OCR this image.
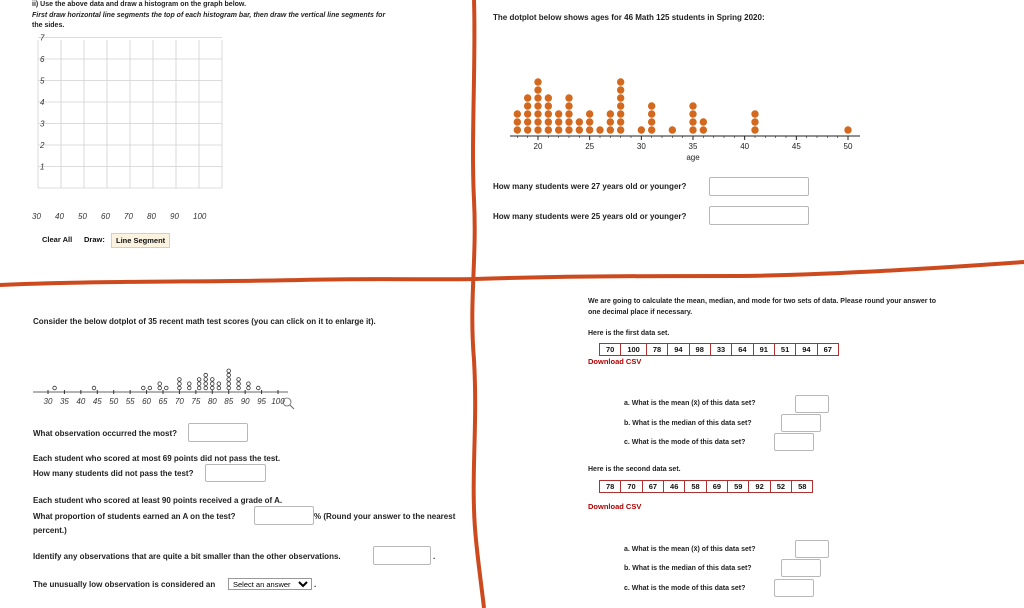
ii) Use the above data and draw a histogram on the graph below.
First draw horizontal line segments the top of each histogram bar, then draw the vertical line segments for
the sides.
1
2
3
4
5
6
7
30 40 50 60 70 80 90 100
Clear All	Draw:	Line Segment
The dotplot below shows ages for 46 Math 125 students in Spring 2020:
20	25	30	35	40	45	50
age
How many students were 27 years old or younger?
How many students were 25 years old or younger?
Consider the below dotplot of 35 recent math test scores (you can click on it to enlarge it).
30 35 40 45 50 55 60 65 70 75 80 85 90 95 100
What observation occurred the most?
Each student who scored at most 69 points did not pass the test.
How many students did not pass the test?
Each student who scored at least 90 points received a grade of A.
What proportion of students earned an A on the test?	% (Round your answer to the nearest
percent.)
Identify any observations that are quite a bit smaller than the other observations.	.
The unusually low observation is considered an
Select an answer	.
We are going to calculate the mean, median, and mode for two sets of data. Please round your answer to
one decimal place if necessary.
Here is the first data set.
70	100	78	94	98	33	64	91	51	94	67
Download CSV
a. What is the mean (x̄) of this data set?
b. What is the median of this data set?
c. What is the mode of this data set?
Here is the second data set.
78	70	67	46	58	69	59	92	52	58
Download CSV
a. What is the mean (x̄) of this data set?
b. What is the median of this data set?
c. What is the mode of this data set?
